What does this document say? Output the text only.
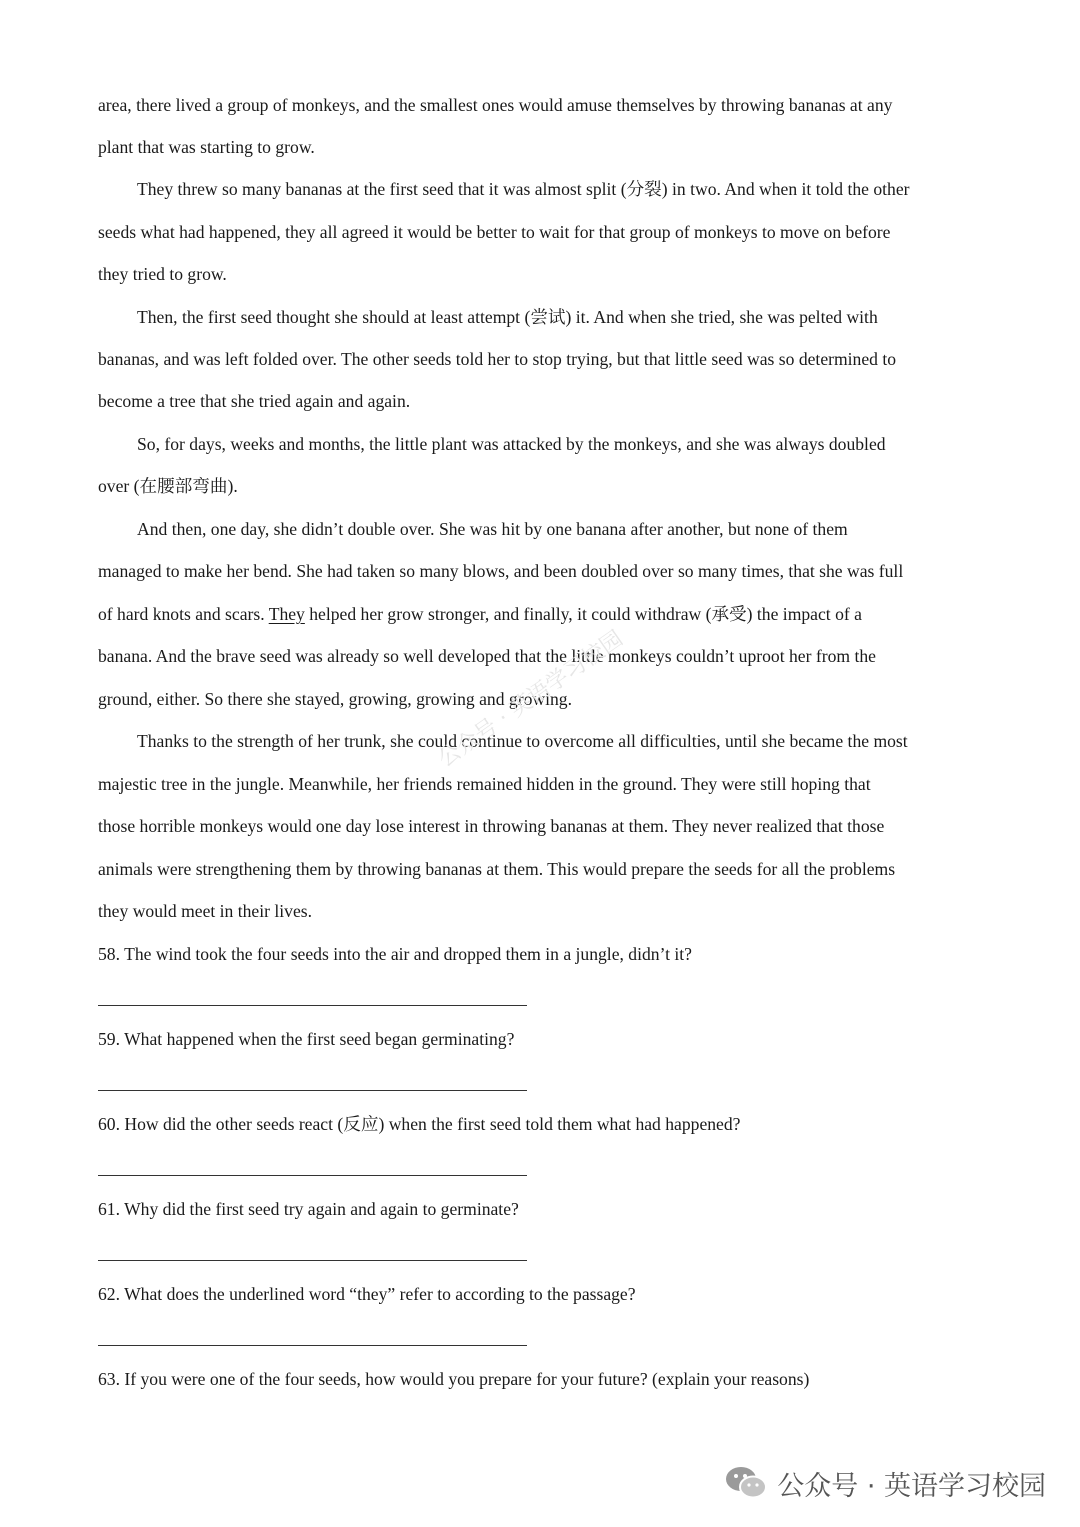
area, there lived a group of monkeys, and the smallest ones would amuse themselves by throwing bananas at any
plant that was starting to grow.
They threw so many bananas at the first seed that it was almost split (分裂) in two. And when it told the other
seeds what had happened, they all agreed it would be better to wait for that group of monkeys to move on before
they tried to grow.
Then, the first seed thought she should at least attempt (尝试) it. And when she tried, she was pelted with
bananas, and was left folded over. The other seeds told her to stop trying, but that little seed was so determined to
become a tree that she tried again and again.
So, for days, weeks and months, the little plant was attacked by the monkeys, and she was always doubled
over (在腰部弯曲).
And then, one day, she didn’t double over. She was hit by one banana after another, but none of them
managed to make her bend. She had taken so many blows, and been doubled over so many times, that she was full
of hard knots and scars. They helped her grow stronger, and finally, it could withdraw (承受) the impact of a
banana. And the brave seed was already so well developed that the little monkeys couldn’t uproot her from the
ground, either. So there she stayed, growing, growing and growing.
Thanks to the strength of her trunk, she could continue to overcome all difficulties, until she became the most
majestic tree in the jungle. Meanwhile, her friends remained hidden in the ground. They were still hoping that
those horrible monkeys would one day lose interest in throwing bananas at them. They never realized that those
animals were strengthening them by throwing bananas at them. This would prepare the seeds for all the problems
they would meet in their lives.
58. The wind took the four seeds into the air and dropped them in a jungle, didn’t it?
59. What happened when the first seed began germinating?
60. How did the other seeds react (反应) when the first seed told them what had happened?
61. Why did the first seed try again and again to germinate?
62. What does the underlined word “they” refer to according to the passage?
63. If you were one of the four seeds, how would you prepare for your future? (explain your reasons)
公众号 · 英语学习校园
公众号 · 英语学习校园
